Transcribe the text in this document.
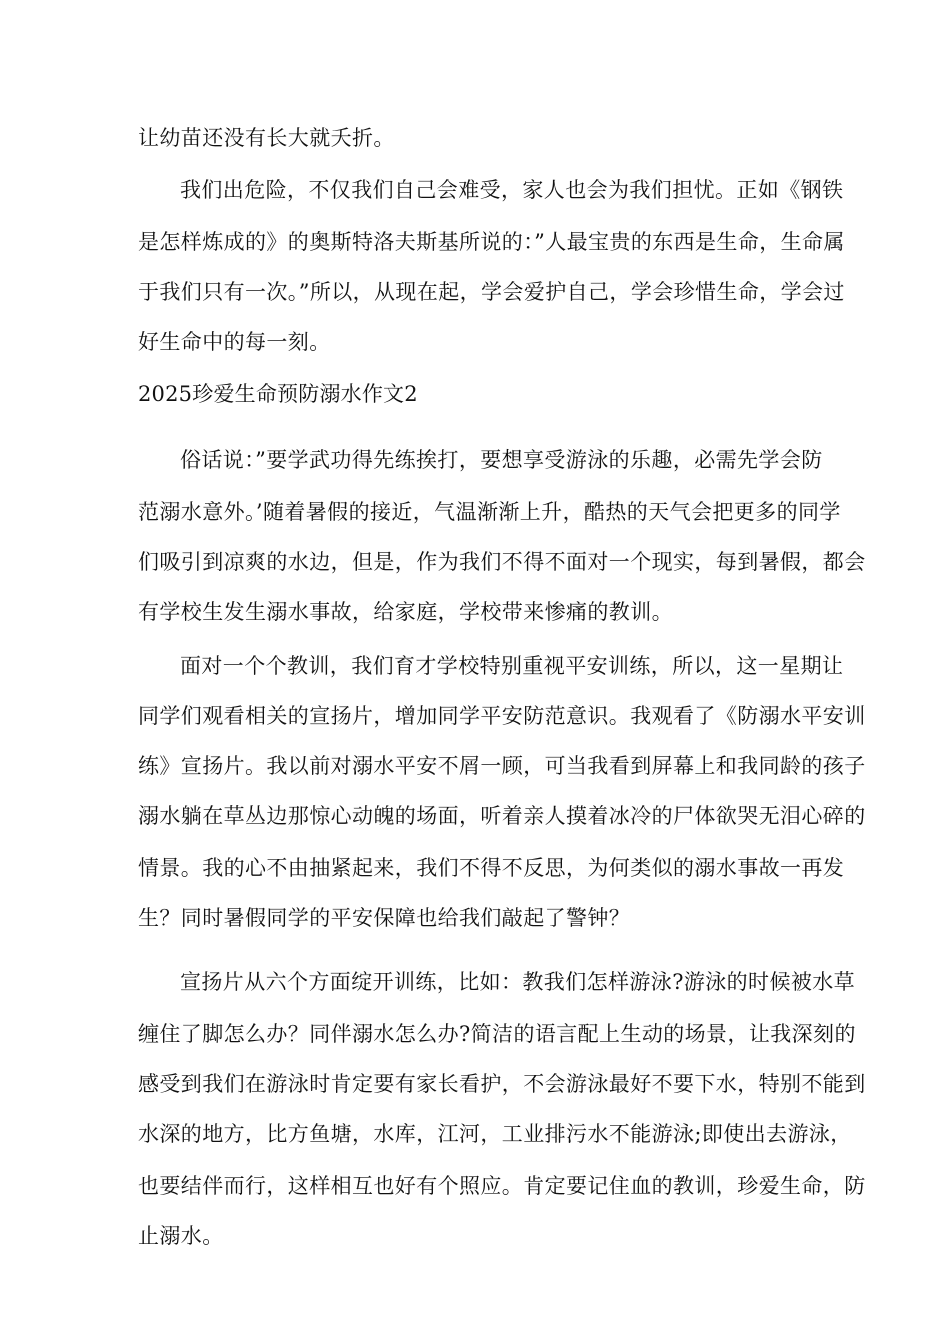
让幼苗还没有长大就夭折。
我们出危险，不仅我们自己会难受，家人也会为我们担忧。正如《钢铁
是怎样炼成的》的奥斯特洛夫斯基所说的：”人最宝贵的东西是生命，生命属
于我们只有一次。”所以，从现在起，学会爱护自己，学会珍惜生命，学会过
好生命中的每一刻。
2025珍爱生命预防溺水作文2
俗话说：”要学武功得先练挨打，要想享受游泳的乐趣，必需先学会防
范溺水意外。’随着暑假的接近，气温渐渐上升，酷热的天气会把更多的同学
们吸引到凉爽的水边，但是，作为我们不得不面对一个现实，每到暑假，都会
有学校生发生溺水事故，给家庭，学校带来惨痛的教训。
面对一个个教训，我们育才学校特别重视平安训练，所以，这一星期让
同学们观看相关的宣扬片，增加同学平安防范意识。我观看了《防溺水平安训
练》宣扬片。我以前对溺水平安不屑一顾，可当我看到屏幕上和我同龄的孩子
溺水躺在草丛边那惊心动魄的场面，听着亲人摸着冰冷的尸体欲哭无泪心碎的
情景。我的心不由抽紧起来，我们不得不反思，为何类似的溺水事故一再发
生？同时暑假同学的平安保障也给我们敲起了警钟？
宣扬片从六个方面绽开训练，比如：教我们怎样游泳?游泳的时候被水草
缠住了脚怎么办？同伴溺水怎么办?简洁的语言配上生动的场景，让我深刻的
感受到我们在游泳时肯定要有家长看护，不会游泳最好不要下水，特别不能到
水深的地方，比方鱼塘，水库，江河，工业排污水不能游泳;即使出去游泳，
也要结伴而行，这样相互也好有个照应。肯定要记住血的教训，珍爱生命，防
止溺水。
